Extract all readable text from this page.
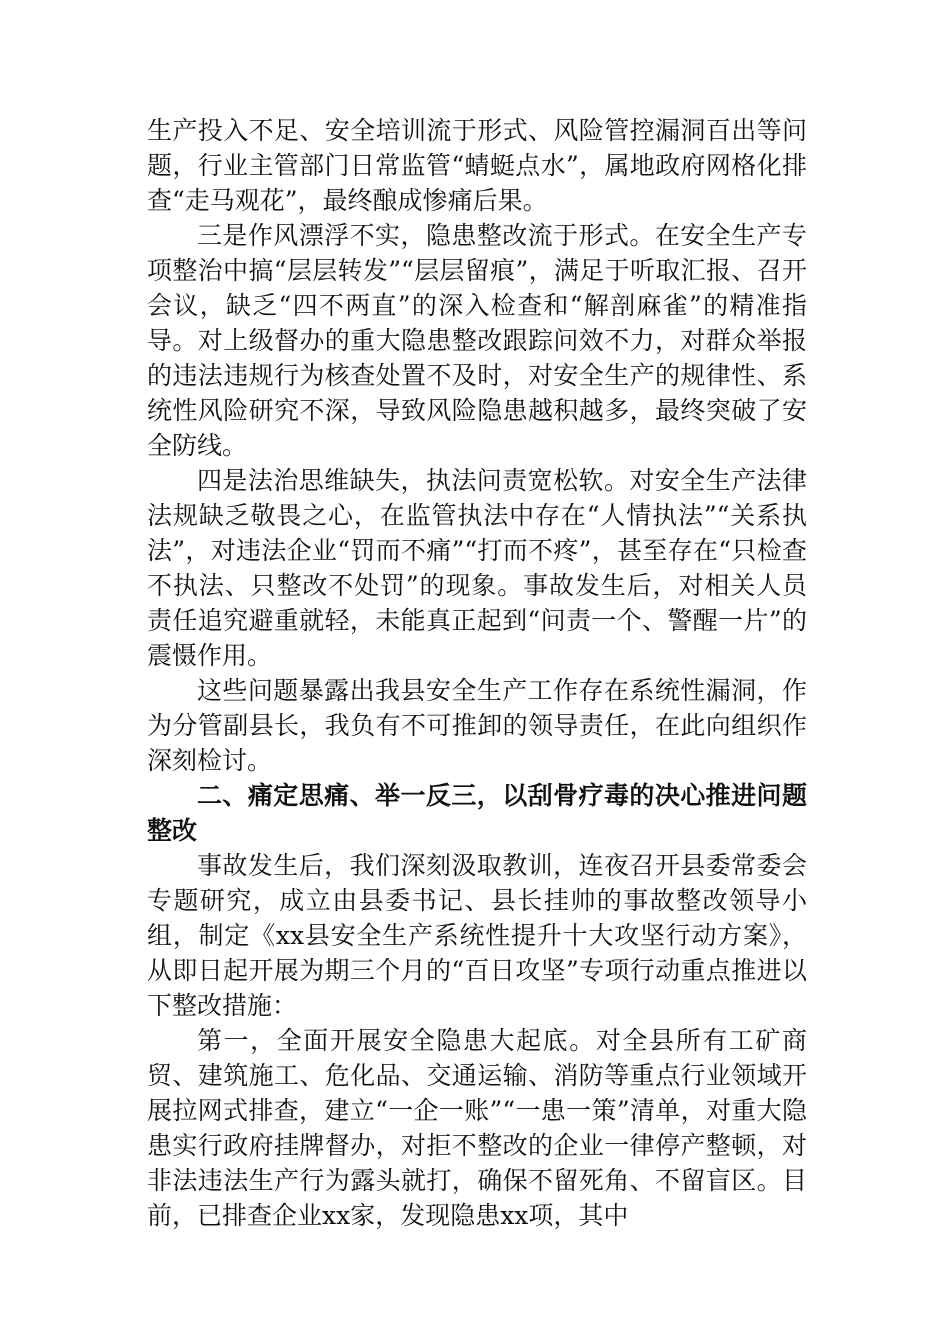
生产投入不足、安全培训流于形式、风险管控漏洞百出等问题，行业主管部门日常监管“蜻蜓点水”，属地政府网格化排查“走马观花”，最终酿成惨痛后果。

三是作风漂浮不实，隐患整改流于形式。在安全生产专项整治中搞“层层转发”“层层留痕”，满足于听取汇报、召开会议，缺乏“四不两直”的深入检查和“解剖麻雀”的精准指导。对上级督办的重大隐患整改跟踪问效不力，对群众举报的违法违规行为核查处置不及时，对安全生产的规律性、系统性风险研究不深，导致风险隐患越积越多，最终突破了安全防线。

四是法治思维缺失，执法问责宽松软。对安全生产法律法规缺乏敬畏之心，在监管执法中存在“人情执法”“关系执法”，对违法企业“罚而不痛”“打而不疼”，甚至存在“只检查不执法、只整改不处罚”的现象。事故发生后，对相关人员责任追究避重就轻，未能真正起到“问责一个、警醒一片”的震慑作用。

这些问题暴露出我县安全生产工作存在系统性漏洞，作为分管副县长，我负有不可推卸的领导责任，在此向组织作深刻检讨。

二、痛定思痛、举一反三，以刮骨疗毒的决心推进问题整改

事故发生后，我们深刻汲取教训，连夜召开县委常委会专题研究，成立由县委书记、县长挂帅的事故整改领导小组，制定《xx县安全生产系统性提升十大攻坚行动方案》，从即日起开展为期三个月的“百日攻坚”专项行动重点推进以下整改措施：

第一，全面开展安全隐患大起底。对全县所有工矿商贸、建筑施工、危化品、交通运输、消防等重点行业领域开展拉网式排查，建立“一企一账”“一患一策”清单，对重大隐患实行政府挂牌督办，对拒不整改的企业一律停产整顿，对非法违法生产行为露头就打，确保不留死角、不留盲区。目前，已排查企业xx家，发现隐患xx项，其中
